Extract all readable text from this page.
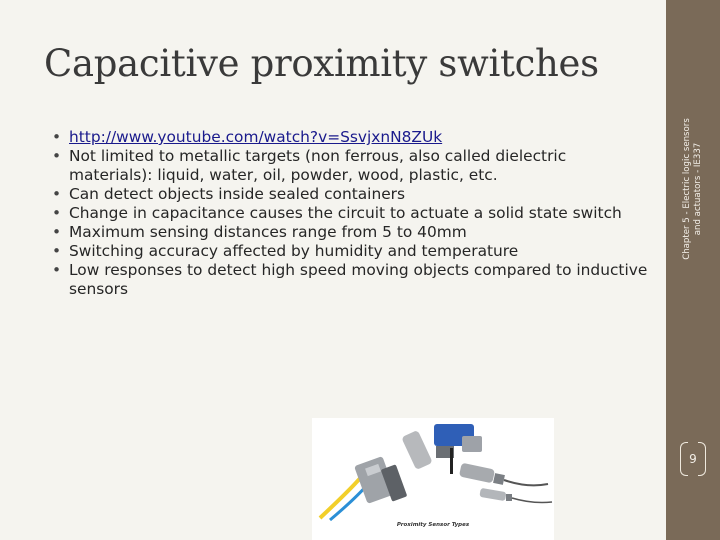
Capacitive proximity switches
• http://www.youtube.com/watch?v=SsvjxnN8ZUk
• Not limited to metallic targets (non ferrous, also called dielectric materials): liquid, water, oil, powder, wood, plastic, etc.
• Can detect objects inside sealed containers
• Change in capacitance causes the circuit to actuate a solid state switch
• Maximum sensing distances range from 5 to 40mm
• Switching accuracy affected by humidity and temperature
• Low responses to detect high speed moving objects compared to inductive sensors
Proximity Sensor Types
Chapter 5 - Electric logic sensors and actuators - IE337
9
